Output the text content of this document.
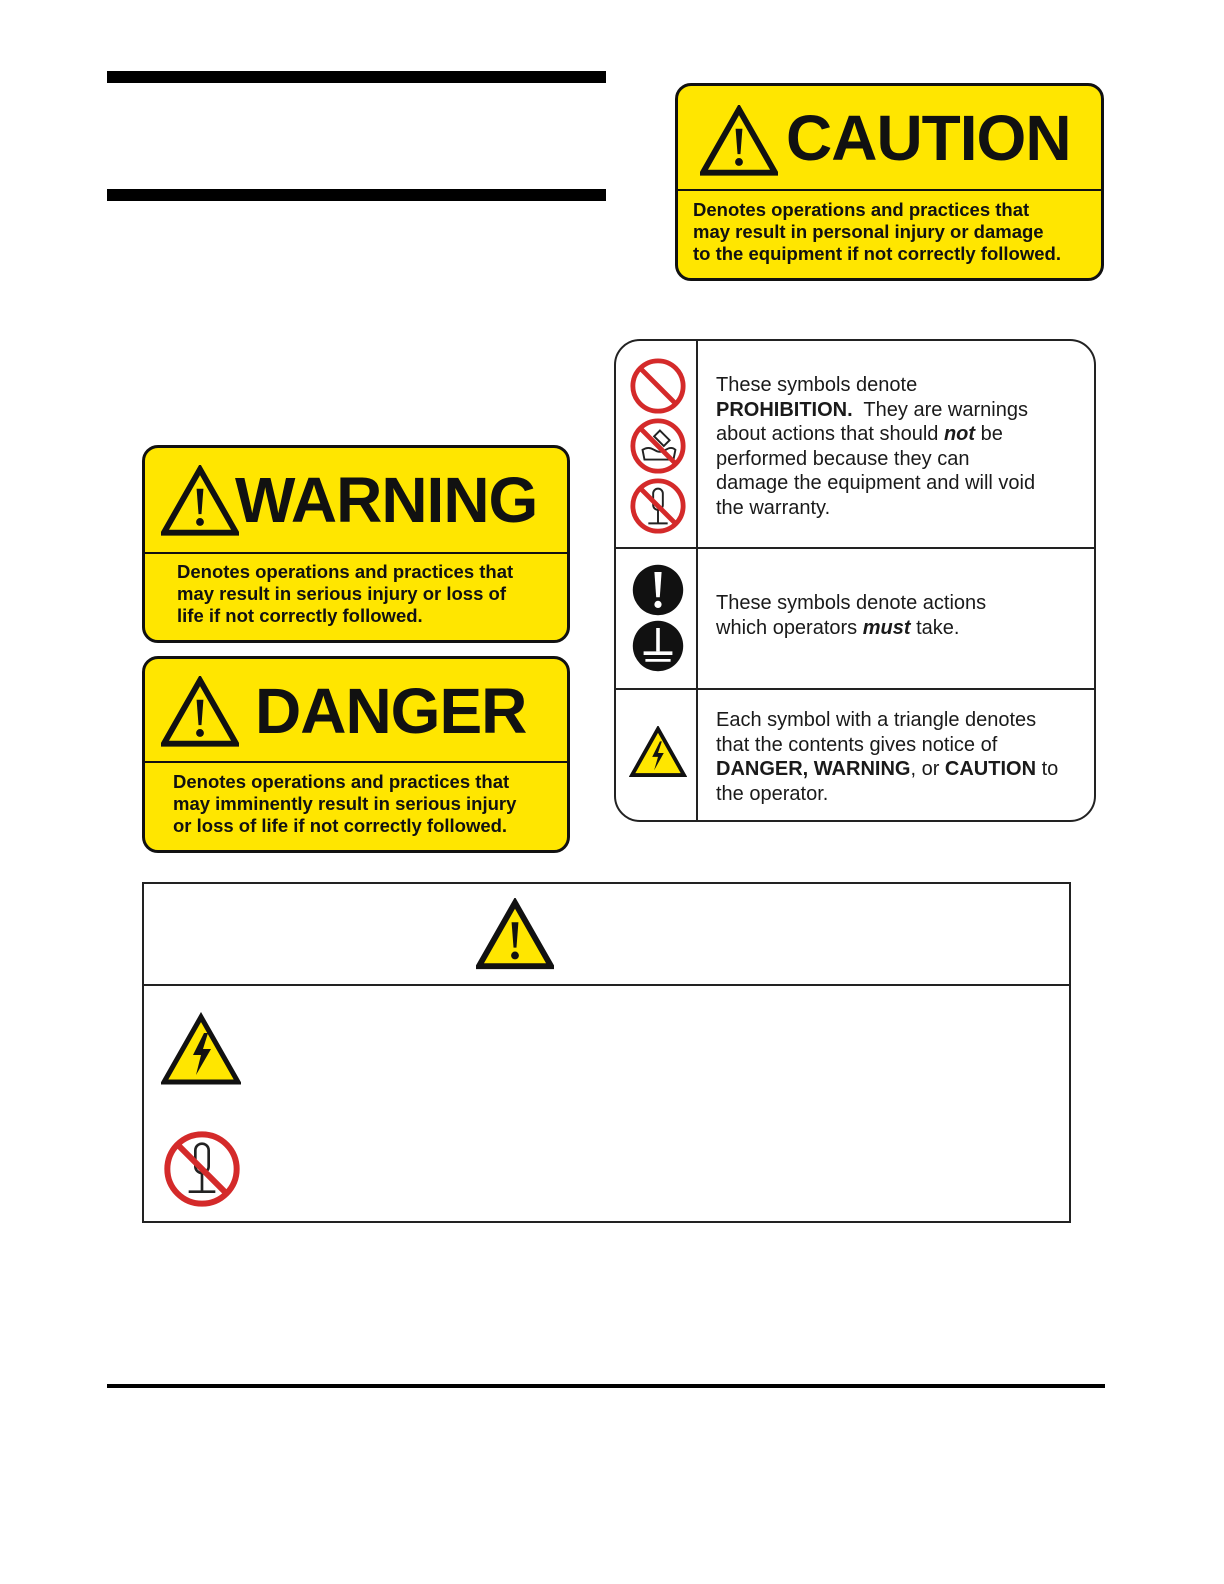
CAUTION
Denotes operations and practices that
may result in personal injury or damage
to the equipment if not correctly followed.
WARNING
Denotes operations and practices that
may result in serious injury or loss of
life if not correctly followed.
DANGER
Denotes operations and practices that
may imminently result in serious injury
or loss of life if not correctly followed.
These symbols denote
PROHIBITION.  They are warnings
about actions that should not be
performed because they can
damage the equipment and will void
the warranty.
These symbols denote actions
which operators must take.
Each symbol with a triangle denotes
that the contents gives notice of
DANGER, WARNING, or CAUTION to
the operator.
